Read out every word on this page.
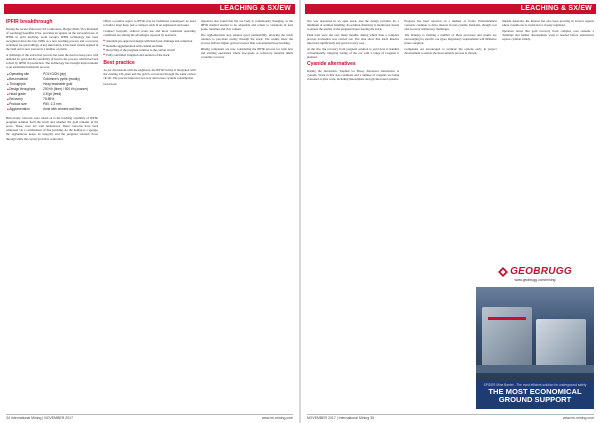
LEACHING & SX/EW
IPFlR breakthrough

During the recent Vancouver SX Conference, Holger Plath, Vice President of Geobrugg/Gaudfrin USA, provided an update on the successful use of IPFlR in gold leaching. Gold Group's IPFlR technology has been recognised since the late 1990s as a new leaching process and a recovery technique for gold tailings. A key innovation, it has been widely applied in the field and is now proven in a number of plants.

A challenge of the extraction process has been the need to keep pace with demand for gold and the variability of feed to the process, which has been solved by IPFlR in production. The technology has brought improvements to an established industrial process.

■ Operating site	POLYGON (pty)
■ Best material	Goldmine's pyrite (mostly)
■ Throughput	Heap leachable gold
■ Design throughput	250 t/h (finer) / 500 t/h (coarser)
■ Head grade	0.8 g/t (feed)
■ Recovery	75-85%
■ Product size	P80: 2-3 mm
■ Agglomeration	done with cement and lime

Historically concerns were raised as to the leaching capability of IPFlR, pregnant solution from the leach and whether the gold remains in the pores. These were not well understood. These concerns have been addressed via a combination of fine leaching. As the holdup is a sponge, the agglomerate keeps its integrity and the pregnant solution flows through while the crystal growth is controlled.

Offers a positive aspect to IPFlR over its traditional counterpart: no need to build a large heap, just a compact stack in an engineered enclosure.

Compact footprint, reduced water use and more consistent operating conditions are among the advantages reported by operators.

■ Standard pre-approved design with lined pad, drainage and collection
■ Reliable agglomeration with cement and lime
■ Recycling of the pregnant solution to the carbon circuit
■ Fully controlled irrigation and aeration of the stack
Best practice

As per discussions with the engineers, the IPFlR facility is integrated with the existing CIL plant and the gold is recovered through the same carbon circuit. The process improves recovery and lowers cyanide consumption.

Gold stack

Operators also found that the ore body is continuously changing, so the IPFlR method needed to be adaptable and robust to variations in feed grade, moisture and clay content.

The agglomeration step ensures good permeability, allowing the leach solution to percolate evenly through the stack. The results show the process delivers higher gold recoveries than conventional heap leaching.

Mining companies are now considering the IPFlR process for both new and existing operations where low-grade or refractory material limits economic recovery.

34 International Mining | NOVEMBER 2017	www.im-mining.com
LEACHING & SX/EW

Ore was deposited in an open stack, and the design provides for a minimum of solution handling. Its solution chemistry is monitored closely to ensure the quality of the pregnant liquor leaving the stack.

Plant tests were run over many months, during which time a complete process evaluation was carried out. The data show that leach kinetics improved significantly and gold recovery rose.

At the site, the recovery from pregnant solution to gold dore is handled conventionally. Ongoing testing of the ore with a range of reagents is planned.

Cyanide alternatives

During the discussion, Stephen La Brooy discussed alternatives to cyanide. Work in this area continues and a number of reagents are being evaluated at pilot scale, including thiosulphate and glycine-based systems.

Progress has been reported on a number of fronts. Environmental concerns continue to drive interest in non-cyanide lixiviants, though cost and recovery remain key challenges.

The industry is trialling a number of these processes and results are encouraging for specific ore types. Regulatory requirements will influence future adoption.

Companies are encouraged to evaluate the options early in project development to ensure the most suitable process is chosen.

Outside Australia, the interest has also been growing in several regions where cyanide use is restricted or closely regulated.

Operators noted that gold recovery from complex ores remains a challenge and further development work is needed before alternatives replace cyanide widely.

GEOBRUGG
www.geobrugg.com/mining
SPIDER Mine Barrier - The most efficient solution for underground safety
THE MOST ECONOMICAL GROUND SUPPORT
NOVEMBER 2017 | International Mining 35	www.im-mining.com
